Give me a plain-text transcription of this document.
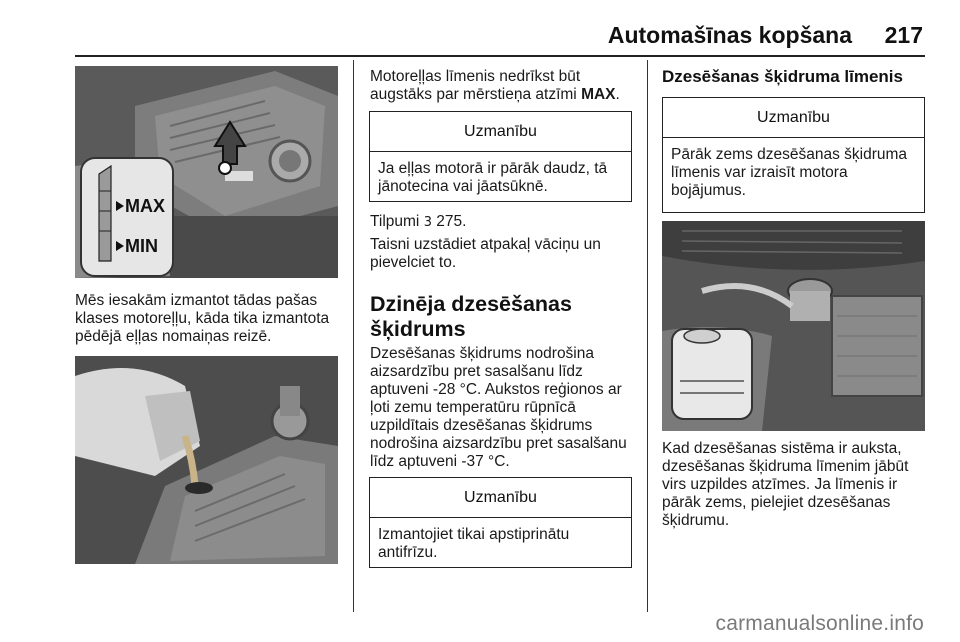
Automašīnas kopšana 217
MAX
MIN
Mēs iesakām izmantot tādas pašas
klases motoreļļu, kāda tika izmantota
pēdējā eļļas nomaiņas reizē.
Motoreļļas līmenis nedrīkst būt
augstāks par mērstieņa atzīmi MAX.
Uzmanību
Ja eļļas motorā ir pārāk daudz, tā
jānotecina vai jāatsūknē.
Tilpumi 3 275.
Taisni uzstādiet atpakaļ vāciņu un
pievelciet to.
Dzinēja dzesēšanas
šķidrums
Dzesēšanas šķidrums nodrošina
aizsardzību pret sasalšanu līdz
aptuveni -28 °C. Aukstos reģionos ar
ļoti zemu temperatūru rūpnīcā
uzpildītais dzesēšanas šķidrums
nodrošina aizsardzību pret sasalšanu
līdz aptuveni -37 °C.
Uzmanību
Izmantojiet tikai apstiprinātu
antifrīzu.
Dzesēšanas šķidruma līmenis
Uzmanību
Pārāk zems dzesēšanas šķidruma
līmenis var izraisīt motora
bojājumus.
Kad dzesēšanas sistēma ir auksta,
dzesēšanas šķidruma līmenim jābūt
virs uzpildes atzīmes. Ja līmenis ir
pārāk zems, pielejiet dzesēšanas
šķidrumu.
carmanualsonline.info
